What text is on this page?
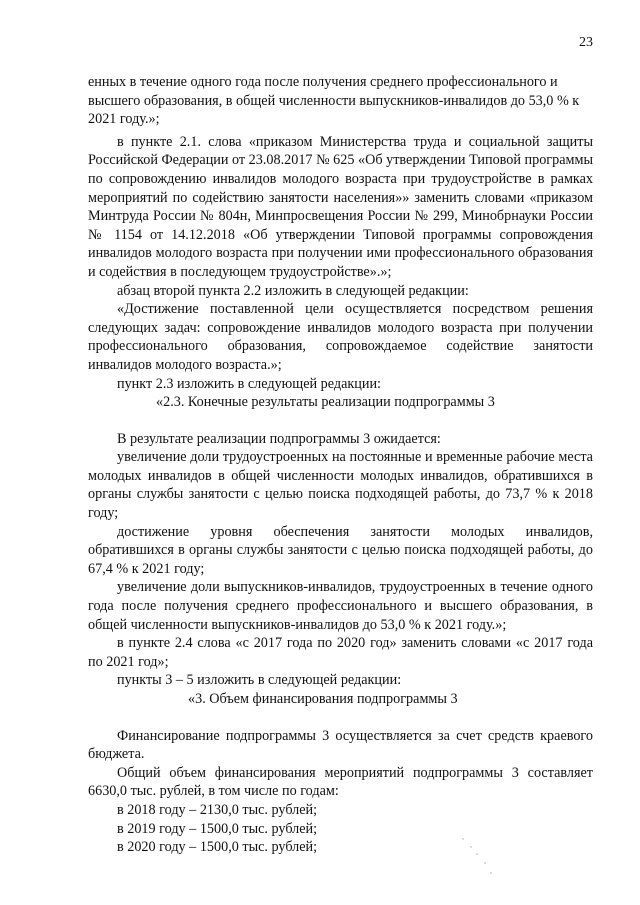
23

енных в течение одного года после получения среднего профессионального и высшего образования, в общей численности выпускников-инвалидов до 53,0 % к 2021 году.»;

в пункте 2.1. слова «приказом Министерства труда и социальной защиты Российской Федерации от 23.08.2017 № 625 «Об утверждении Типовой программы по сопровождению инвалидов молодого возраста при трудоустройстве в рамках мероприятий по содействию занятости населения»» заменить словами «приказом Минтруда России № 804н, Минпросвещения России № 299, Минобрнауки России № 1154 от 14.12.2018 «Об утверждении Типовой программы сопровождения инвалидов молодого возраста при получении ими профессионального образования и содействия в последующем трудоустройстве».»;

абзац второй пункта 2.2 изложить в следующей редакции:

«Достижение поставленной цели осуществляется посредством решения следующих задач: сопровождение инвалидов молодого возраста при получении профессионального образования, сопровождаемое содействие занятости инвалидов молодого возраста.»;

пункт 2.3 изложить в следующей редакции:

«2.3. Конечные результаты реализации подпрограммы 3

В результате реализации подпрограммы 3 ожидается:

увеличение доли трудоустроенных на постоянные и временные рабочие места молодых инвалидов в общей численности молодых инвалидов, обратившихся в органы службы занятости с целью поиска подходящей работы, до 73,7 % к 2018 году;

достижение уровня обеспечения занятости молодых инвалидов, обратившихся в органы службы занятости с целью поиска подходящей работы, до 67,4 % к 2021 году;

увеличение доли выпускников-инвалидов, трудоустроенных в течение одного года после получения среднего профессионального и высшего образования, в общей численности выпускников-инвалидов до 53,0 % к 2021 году.»;

в пункте 2.4 слова «с 2017 года по 2020 год» заменить словами «с 2017 года по 2021 год»;

пункты 3 – 5 изложить в следующей редакции:

«3. Объем финансирования подпрограммы 3

Финансирование подпрограммы 3 осуществляется за счет средств краевого бюджета.

Общий объем финансирования мероприятий подпрограммы 3 составляет 6630,0 тыс. рублей, в том числе по годам:

в 2018 году – 2130,0 тыс. рублей;

в 2019 году – 1500,0 тыс. рублей;

в 2020 году – 1500,0 тыс. рублей;
